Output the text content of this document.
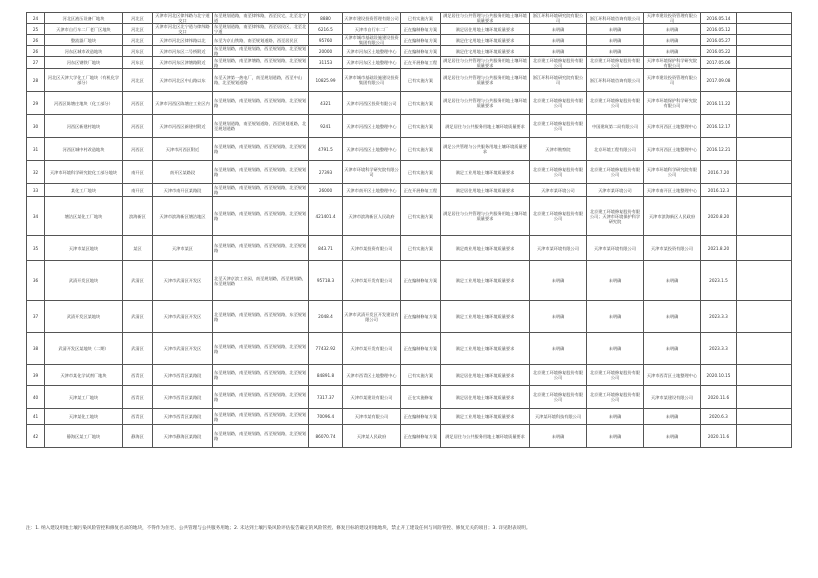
24	河北区液压设备厂地块	河北区	天津市河北区律纬路与北宁道交口	东至规划道路，南至律纬路，西至民宅，北至北宁道	8880	天津市建设投资管理有限公司	已有实施方案	满足居住与公共管理与公共服务用地土壤环境质量要求	浙江环科环境研究院有限公司	浙江环科环境咨询有限公司	天津市建设投资管理有限公司	2016.05.14	
25	天津市自行车二厂老厂区地块	河北区	天津市河北区北宁道与律纬路交口	东至规划道路，南至律纬路，西至居民区，北至北宁道	6216.5	天津市自行车二厂	正在编制修复方案	满足居住用地土壤环境质量要求	未明确	未明确	未明确	2016.05.12	
26	整流器厂地块	河北区	天津市河北区律纬路以北	东至为京山铁路，南至规划道路，西至居民区	95760	天津市城市基础设施建设投资集团有限公司	正在编制修复方案	满足住宅用地土壤环境质量要求	未明确	未明确	未明确	2016.05.27	
26	河东区城市改造地块	河东区	天津市河东区二号桥附近	东至规划路，南至规划路，西至规划路，北至规划路	20000	天津市河东区土地整理中心	正在编制修复方案	满足住宅用地土壤环境质量要求	未明确	未明确	未明确	2016.05.22	
27	河东区钢铁厂地块	河东区	天津市河东区津塘路附近	东至规划路，南至津塘路，西至规划路，北至规划路	31153	天津市河东区土地整理中心	正在开展修复工程	满足居住与公共管理与公共服务用地土壤环境质量要求	北京建工环境修复股份有限公司	北京建工环境修复股份有限公司	天津市环境保护科学研究院有限公司	2017.05.06	
28	河北区天津大学化工厂地块（有机化学部分）	河北区	天津市河北区中山路以东	东至天津第一热电厂，南至规划道路，西至中山路，北至规划道路	10825.99	天津市城市基础设施建设投资集团有限公司	已有实施方案	满足居住与公共管理与公共服务用地土壤环境质量要求	浙江环科环境研究院有限公司	浙江环科环境咨询有限公司	天津市建设投资管理有限公司	2017.09.08	
29	河西区陈塘庄地块（化工部分）	河西区	天津市河西区陈塘庄工业区内	东至规划路，南至规划路，西至规划路，北至规划路	4321	天津市河西区投资有限公司	已有实施方案	满足居住与公共管理与公共服务用地土壤环境质量要求	北京建工环境修复股份有限公司	北京建工环境修复股份有限公司	天津市环境保护科学研究院有限公司	2016.11.22	
30	河西区新建村地块	河西区	天津市河西区新建村附近	东至规划道路，南至规划道路，西至规划道路，北至规划道路	9241	天津市河西区土地整理中心	已有实施方案	满足居住与公共服务用地土壤环境质量要求	北京建工环境修复股份有限公司	中国建筑第二局有限公司	天津市河西区土地整理中心	2016.12.17	
31	河西区城中村改造地块	河西区	天津市河西区附近	东至规划路，南至规划路，西至规划路，北至规划路	4791.5	天津市河西区土地整理中心	已有实施方案	满足公共管理与公共服务用地土壤环境质量要求	天津市勘察院	北京环境工程有限公司	天津市河西区土地整理中心	2016.12.21	
32	天津市环境科学研究院化工部分地块	南开区	南开区某路段	东至规划路，南至规划路，西至规划路，北至规划路	27393	天津市环境科学研究院有限公司	已有实施方案	满足工业用地土壤环境质量要求	北京建工环境修复股份有限公司	北京建工环境修复股份有限公司	天津市环境科学研究院有限公司	2016.7.20	
33	某化工厂地块	南开区	天津市南开区某路段	东至规划路，南至规划路，西至规划路，北至规划路	26000	天津市南开区土地整理中心	正在开展修复工程	满足居住用地土壤环境质量要求	天津市某环境公司	天津市某环境公司	天津市南开区土地整理中心	2016.12.3	
34	塘沽区某化工厂地块	滨海新区	天津市滨海新区塘沽地区	东至规划路，南至规划路，西至规划路，北至规划路	421401.4	天津市滨海新区人民政府	已有实施方案	满足居住与公共管理与公共服务用地土壤环境质量要求	北京建工环境修复股份有限公司	北京建工环境修复股份有限公司；天津市环境保护科学研究院	天津市滨海新区人民政府	2020.8.20	
35	天津市某区地块	某区	天津市某区	东至规划路，南至规划路，西至规划路，北至规划路	843.71	天津市某投资有限公司	已有实施方案	满足商业用地土壤环境质量要求	天津市某环境有限公司	天津市某环境有限公司	天津市某投资有限公司	2021.8.20	
36	武清开发区地块	武清区	天津市武清区开发区	北至天津京滨工业园，南至规划路，西至规划路，东至规划路	95718.3	天津市某开发有限公司	正在编制修复方案	满足工业用地土壤环境质量要求	未明确	未明确	未明确	2023.1.5	
37	武清开发区某地块	武清区	天津市武清区开发区	北至规划路，南至规划路，西至规划路，东至规划路	2048.4	天津市武清开发区开发建设有限公司	正在编制修复方案	满足工业用地土壤环境质量要求	未明确	未明确	未明确	2023.3.3	
38	武清开发区某地块（二期）	武清区	天津市武清区开发区	东至规划路，南至规划路，西至规划路，北至规划路	77432.92	天津市某开发有限公司	正在编制修复方案	满足工业用地土壤环境质量要求	未明确	未明确	未明确	2023.3.3	
39	天津市某化学试剂厂地块	西青区	天津市西青区某路段	东至规划路，南至规划路，西至规划路，北至规划路	84891.8	天津市西青区土地整理中心	已有实施方案	满足居住用地土壤环境质量要求	北京建工环境修复股份有限公司	北京建工环境修复股份有限公司	天津市西青区土地整理中心	2020.10.15	
40	天津某工厂地块	西青区	天津市西青区某路段	东至规划路，南至规划路，西至规划路，北至规划路	7317.37	天津市某建设有限公司	正在实施修复	满足居住用地土壤环境质量要求	北京建工环境修复股份有限公司	北京建工环境修复股份有限公司	天津市某建设有限公司	2020.11.6	
41	天津某化工地块	西青区	天津市西青区某路段	东至规划路，南至规划路，西至规划路，北至规划路	70096.4	天津市某有限公司	正在编制修复方案	满足工业用地土壤环境质量要求	天津某环境科技有限公司	未明确	未明确	2020.6.3	
42	静海区某工厂地块	静海区	天津市静海区某路段	东至规划路，南至规划路，西至规划路，北至规划路	86070.74	天津某人民政府	正在编制修复方案	满足居住与公共服务用地土壤环境质量要求	未明确	未明确	未明确	2020.11.6	
注：1. 纳入建设用地土壤污染风险管控和修复名录的地块，不得作为住宅、公共管理与公共服务用地；2. 未达到土壤污染风险评估报告确定的风险管控、修复目标的建设用地地块，禁止开工建设任何与风险管控、修复无关的项目；3. 详见附表说明。
